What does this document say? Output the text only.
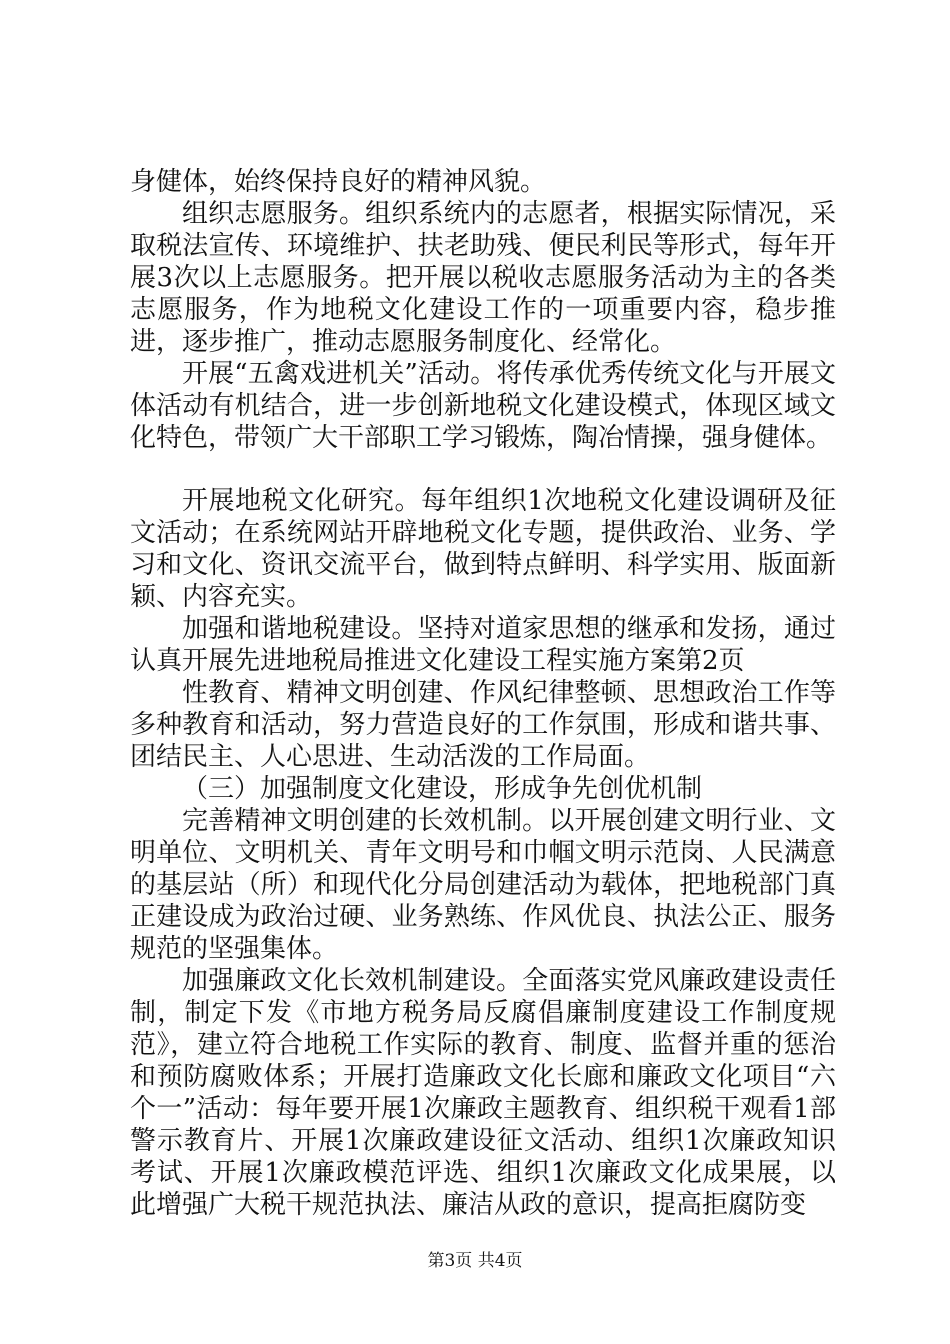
身健体，始终保持良好的精神风貌。

组织志愿服务。组织系统内的志愿者，根据实际情况，采取税法宣传、环境维护、扶老助残、便民利民等形式，每年开展3次以上志愿服务。把开展以税收志愿服务活动为主的各类志愿服务，作为地税文化建设工作的一项重要内容，稳步推进，逐步推广，推动志愿服务制度化、经常化。

开展“五禽戏进机关”活动。将传承优秀传统文化与开展文体活动有机结合，进一步创新地税文化建设模式，体现区域文化特色，带领广大干部职工学习锻炼，陶冶情操，强身健体。

开展地税文化研究。每年组织1次地税文化建设调研及征文活动；在系统网站开辟地税文化专题，提供政治、业务、学习和文化、资讯交流平台，做到特点鲜明、科学实用、版面新颖、内容充实。

加强和谐地税建设。坚持对道家思想的继承和发扬，通过认真开展先进地税局推进文化建设工程实施方案第2页

性教育、精神文明创建、作风纪律整顿、思想政治工作等多种教育和活动，努力营造良好的工作氛围，形成和谐共事、团结民主、人心思进、生动活泼的工作局面。

（三）加强制度文化建设，形成争先创优机制

完善精神文明创建的长效机制。以开展创建文明行业、文明单位、文明机关、青年文明号和巾帼文明示范岗、人民满意的基层站（所）和现代化分局创建活动为载体，把地税部门真正建设成为政治过硬、业务熟练、作风优良、执法公正、服务规范的坚强集体。

加强廉政文化长效机制建设。全面落实党风廉政建设责任制，制定下发《市地方税务局反腐倡廉制度建设工作制度规范》，建立符合地税工作实际的教育、制度、监督并重的惩治和预防腐败体系；开展打造廉政文化长廊和廉政文化项目“六个一”活动：每年要开展1次廉政主题教育、组织税干观看1部警示教育片、开展1次廉政建设征文活动、组织1次廉政知识考试、开展1次廉政模范评选、组织1次廉政文化成果展，以此增强广大税干规范执法、廉洁从政的意识，提高拒腐防变

第3页 共4页
